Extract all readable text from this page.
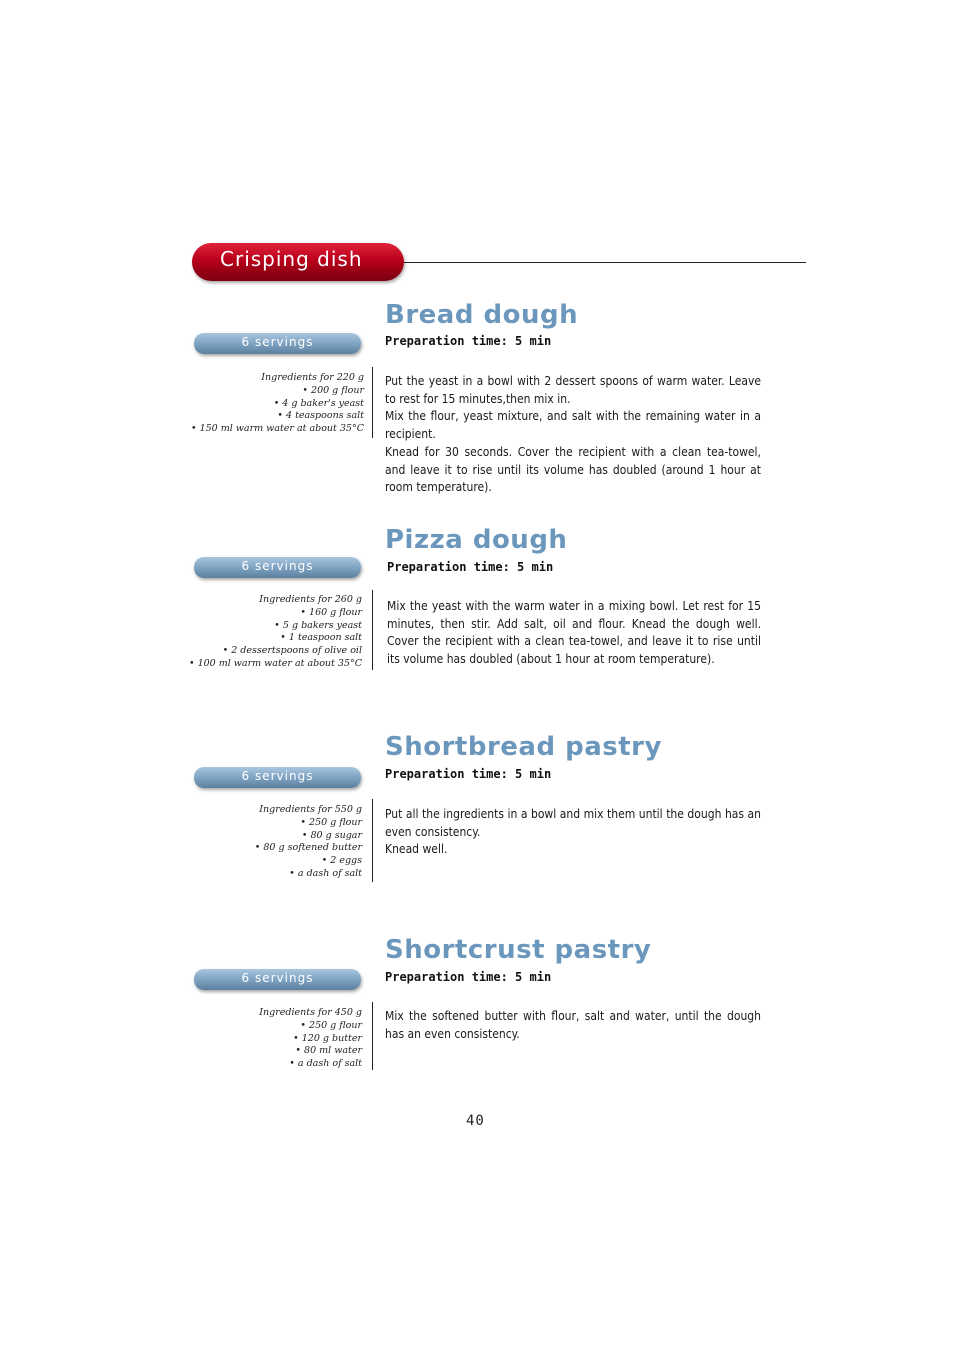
Crisping dish
Bread dough
6 servings	Preparation time: 5 min
Ingredients for 220 g
• 200 g flour
• 4 g baker's yeast
• 4 teaspoons salt
• 150 ml warm water at about 35°C

Put the yeast in a bowl with 2 dessert spoons of warm water. Leave to rest for 15 minutes,then mix in.

Mix the flour, yeast mixture, and salt with the remaining water in a recipient.

Knead for 30 seconds. Cover the recipient with a clean tea-towel, and leave it to rise until its volume has doubled (around 1 hour at room temperature).

Pizza dough
6 servings	Preparation time: 5 min
Ingredients for 260 g
• 160 g flour
• 5 g bakers yeast
• 1 teaspoon salt
• 2 dessertspoons of olive oil
• 100 ml warm water at about 35°C

Mix the yeast with the warm water in a mixing bowl. Let rest for 15 minutes, then stir. Add salt, oil and flour. Knead the dough well. Cover the recipient with a clean tea-towel, and leave it to rise until its volume has doubled (about 1 hour at room temperature).

Shortbread pastry
6 servings	Preparation time: 5 min
Ingredients for 550 g
• 250 g flour
• 80 g sugar
• 80 g softened butter
• 2 eggs
• a dash of salt

Put all the ingredients in a bowl and mix them until the dough has an even consistency.

Knead well.

Shortcrust pastry
6 servings	Preparation time: 5 min
Ingredients for 450 g
• 250 g flour
• 120 g butter
• 80 ml water
• a dash of salt

Mix the softened butter with flour, salt and water, until the dough has an even consistency.

40
